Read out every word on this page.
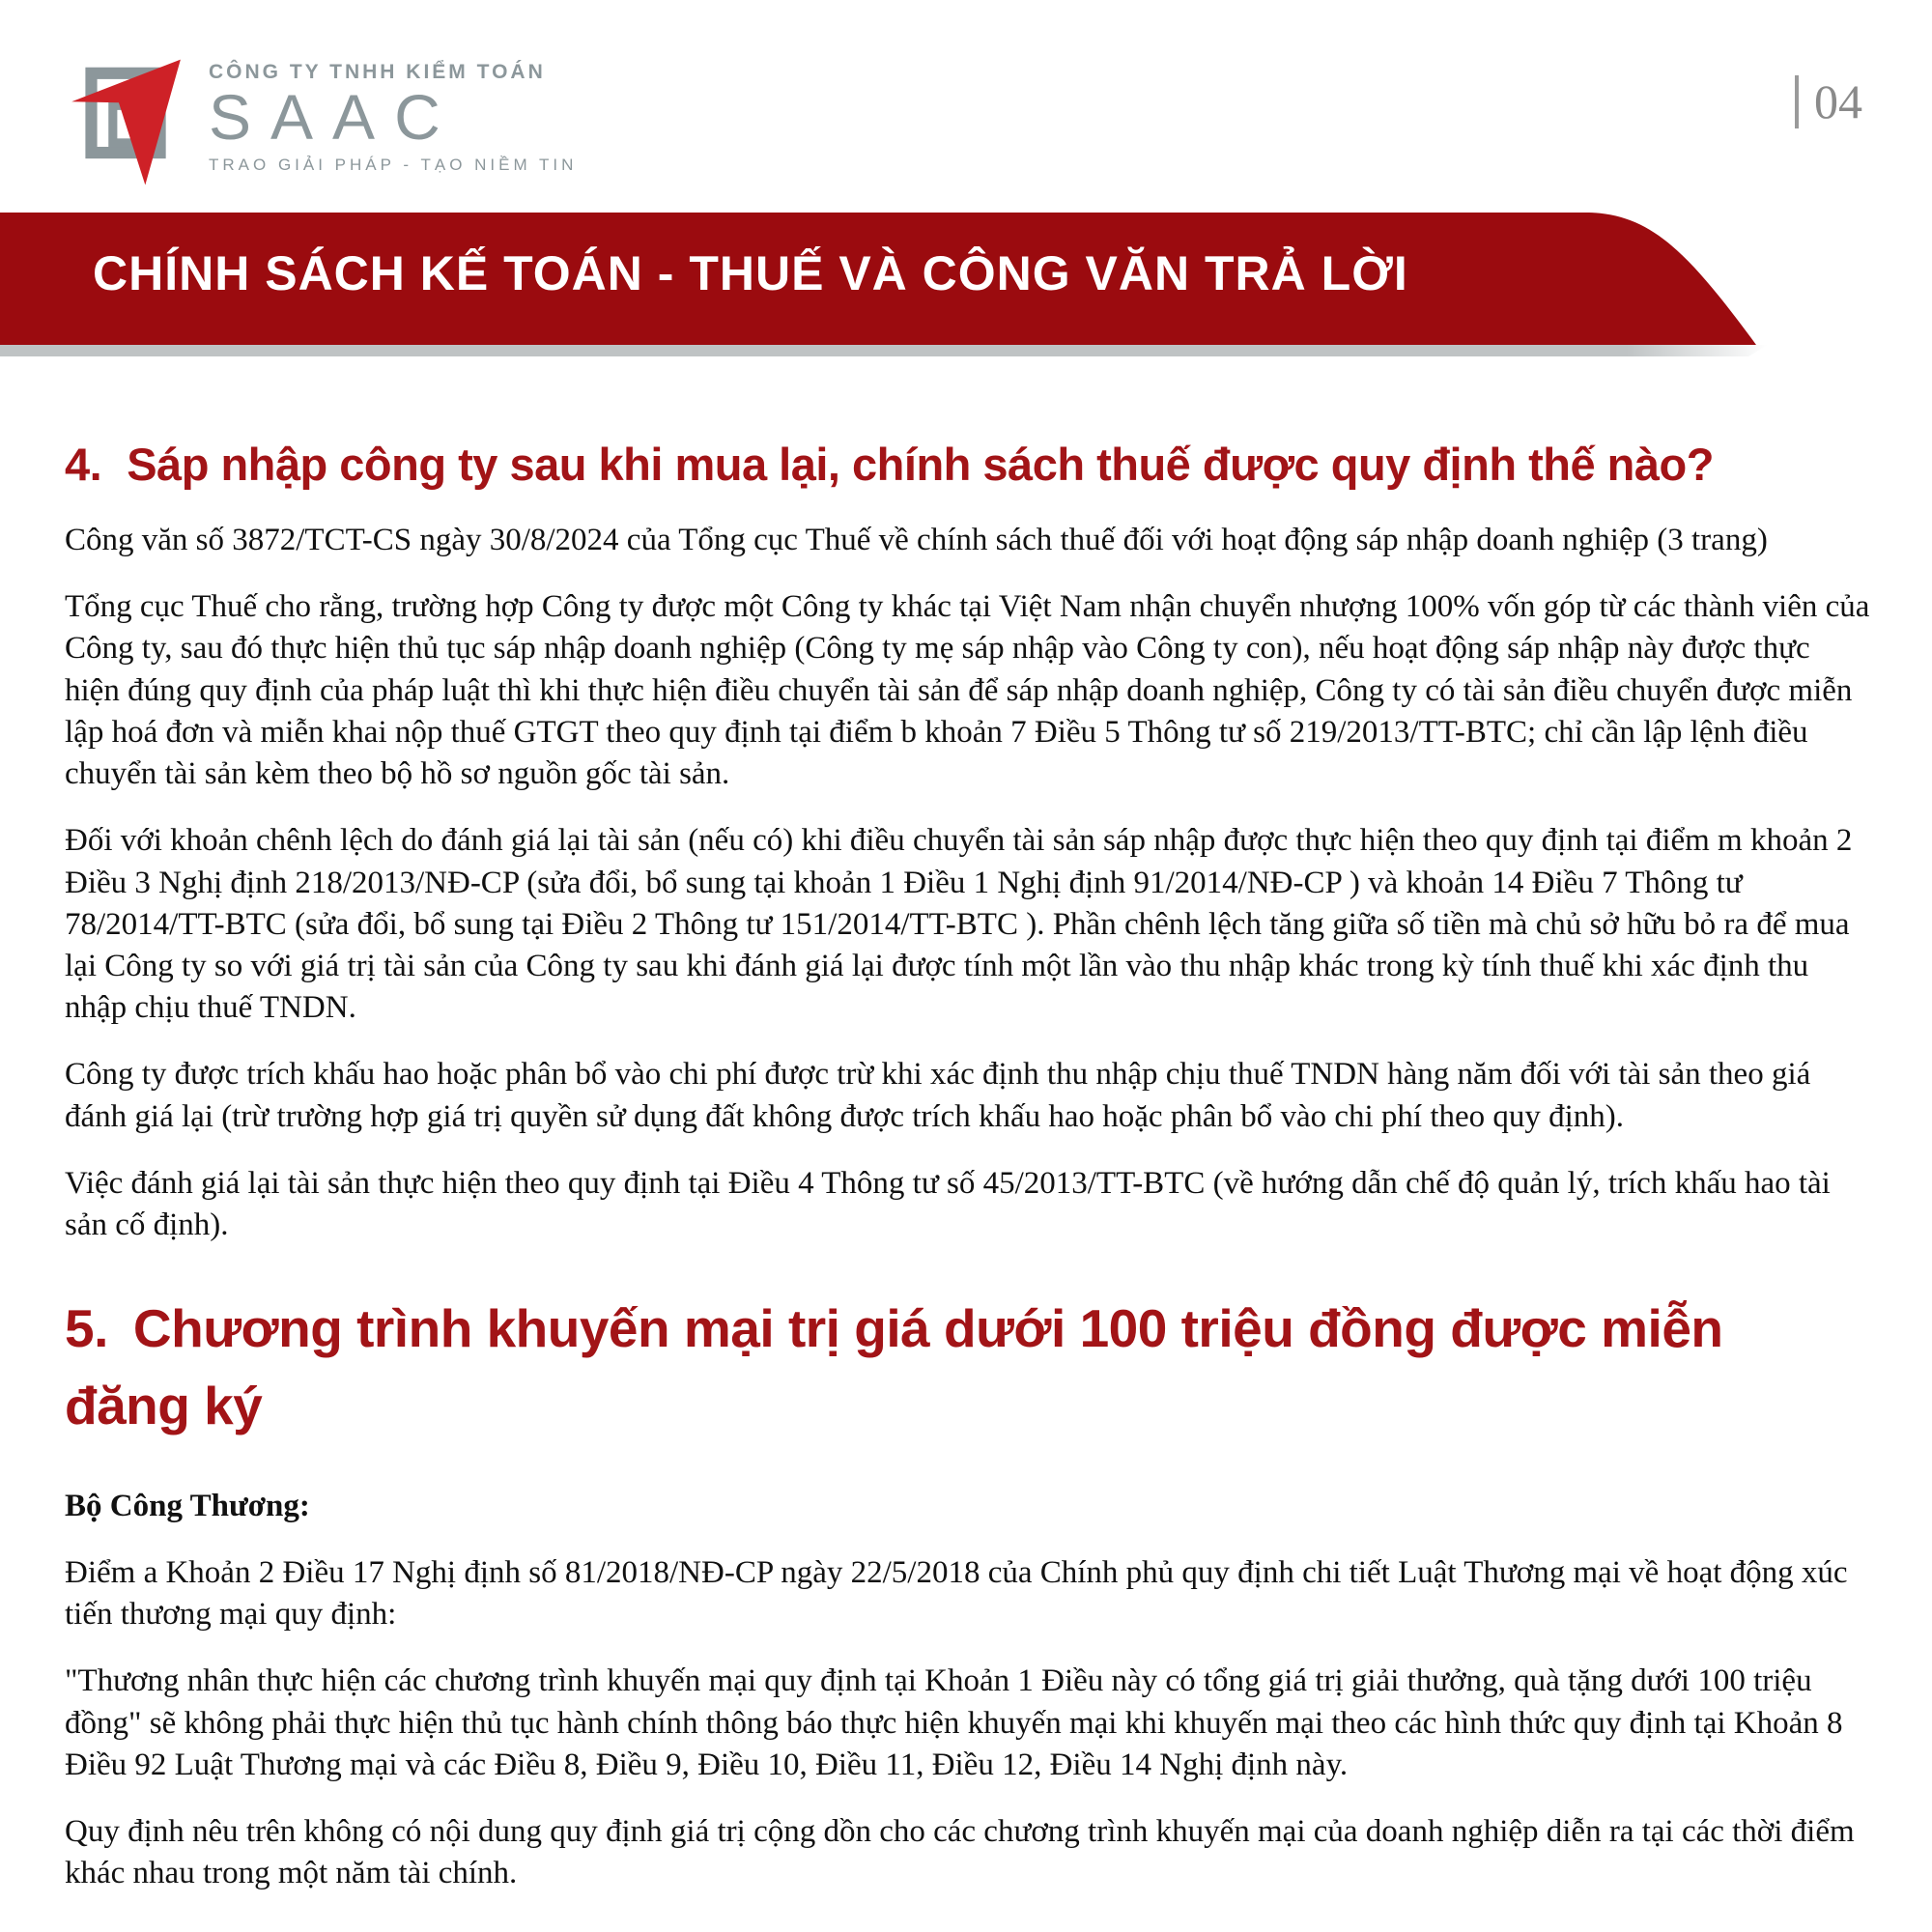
CÔNG TY TNHH KIỂM TOÁN
SAAC
TRAO GIẢI PHÁP - TẠO NIỀM TIN
04
CHÍNH SÁCH KẾ TOÁN - THUẾ VÀ CÔNG VĂN TRẢ LỜI
4. Sáp nhập công ty sau khi mua lại, chính sách thuế được quy định thế nào?

Công văn số 3872/TCT-CS ngày 30/8/2024 của Tổng cục Thuế về chính sách thuế đối với hoạt động sáp nhập doanh nghiệp (3 trang)

Tổng cục Thuế cho rằng, trường hợp Công ty được một Công ty khác tại Việt Nam nhận chuyển nhượng 100% vốn góp từ các thành viên của Công ty, sau đó thực hiện thủ tục sáp nhập doanh nghiệp (Công ty mẹ sáp nhập vào Công ty con), nếu hoạt động sáp nhập này được thực hiện đúng quy định của pháp luật thì khi thực hiện điều chuyển tài sản để sáp nhập doanh nghiệp, Công ty có tài sản điều chuyển được miễn lập hoá đơn và miễn khai nộp thuế GTGT theo quy định tại điểm b khoản 7 Điều 5 Thông tư số 219/2013/TT-BTC; chỉ cần lập lệnh điều chuyển tài sản kèm theo bộ hồ sơ nguồn gốc tài sản.

Đối với khoản chênh lệch do đánh giá lại tài sản (nếu có) khi điều chuyển tài sản sáp nhập được thực hiện theo quy định tại điểm m khoản 2 Điều 3 Nghị định 218/2013/NĐ-CP (sửa đổi, bổ sung tại khoản 1 Điều 1 Nghị định 91/2014/NĐ-CP ) và khoản 14 Điều 7 Thông tư 78/2014/TT-BTC (sửa đổi, bổ sung tại Điều 2 Thông tư 151/2014/TT-BTC ). Phần chênh lệch tăng giữa số tiền mà chủ sở hữu bỏ ra để mua lại Công ty so với giá trị tài sản của Công ty sau khi đánh giá lại được tính một lần vào thu nhập khác trong kỳ tính thuế khi xác định thu nhập chịu thuế TNDN.

Công ty được trích khấu hao hoặc phân bổ vào chi phí được trừ khi xác định thu nhập chịu thuế TNDN hàng năm đối với tài sản theo giá đánh giá lại (trừ trường hợp giá trị quyền sử dụng đất không được trích khấu hao hoặc phân bổ vào chi phí theo quy định).

Việc đánh giá lại tài sản thực hiện theo quy định tại Điều 4 Thông tư số 45/2013/TT-BTC (về hướng dẫn chế độ quản lý, trích khấu hao tài sản cố định).

5. Chương trình khuyến mại trị giá dưới 100 triệu đồng được miễn đăng ký

Bộ Công Thương:

Điểm a Khoản 2 Điều 17 Nghị định số 81/2018/NĐ-CP ngày 22/5/2018 của Chính phủ quy định chi tiết Luật Thương mại về hoạt động xúc tiến thương mại quy định:

"Thương nhân thực hiện các chương trình khuyến mại quy định tại Khoản 1 Điều này có tổng giá trị giải thưởng, quà tặng dưới 100 triệu đồng" sẽ không phải thực hiện thủ tục hành chính thông báo thực hiện khuyến mại khi khuyến mại theo các hình thức quy định tại Khoản 8 Điều 92 Luật Thương mại và các Điều 8, Điều 9, Điều 10, Điều 11, Điều 12, Điều 14 Nghị định này.

Quy định nêu trên không có nội dung quy định giá trị cộng dồn cho các chương trình khuyến mại của doanh nghiệp diễn ra tại các thời điểm khác nhau trong một năm tài chính.
